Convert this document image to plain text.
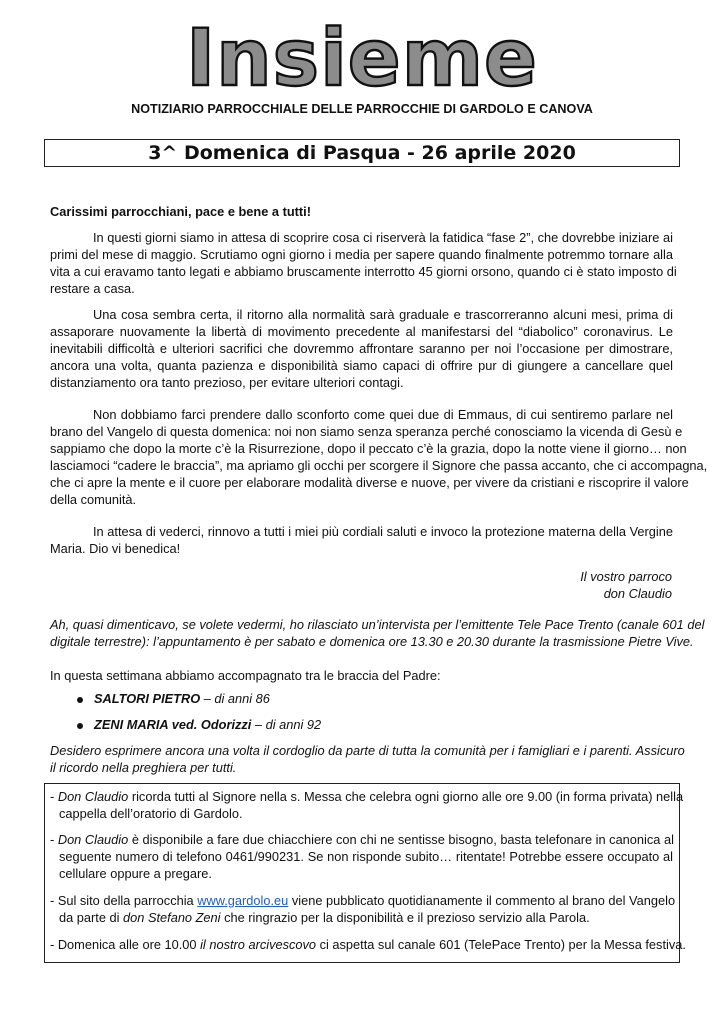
Insieme
NOTIZIARIO PARROCCHIALE DELLE PARROCCHIE DI GARDOLO E CANOVA
3^ Domenica di Pasqua - 26 aprile 2020
Carissimi parrocchiani, pace e bene a tutti!
In questi giorni siamo in attesa di scoprire cosa ci riserverà la fatidica “fase 2”, che dovrebbe iniziare ai
primi del mese di maggio. Scrutiamo ogni giorno i media per sapere quando finalmente potremmo tornare alla
vita a cui eravamo tanto legati e abbiamo bruscamente interrotto 45 giorni orsono, quando ci è stato imposto di
restare a casa.
Una cosa sembra certa, il ritorno alla normalità sarà graduale e trascorreranno alcuni mesi, prima di
assaporare nuovamente la libertà di movimento precedente al manifestarsi del “diabolico” coronavirus. Le
inevitabili difficoltà e ulteriori sacrifici che dovremmo affrontare saranno per noi l’occasione per dimostrare,
ancora una volta, quanta pazienza e disponibilità siamo capaci di offrire pur di giungere a cancellare quel
distanziamento ora tanto prezioso, per evitare ulteriori contagi.
Non dobbiamo farci prendere dallo sconforto come quei due di Emmaus, di cui sentiremo parlare nel
brano del Vangelo di questa domenica: noi non siamo senza speranza perché conosciamo la vicenda di Gesù e
sappiamo che dopo la morte c’è la Risurrezione, dopo il peccato c’è la grazia, dopo la notte viene il giorno… non
lasciamoci “cadere le braccia”, ma apriamo gli occhi per scorgere il Signore che passa accanto, che ci accompagna,
che ci apre la mente e il cuore per elaborare modalità diverse e nuove, per vivere da cristiani e riscoprire il valore
della comunità.
In attesa di vederci, rinnovo a tutti i miei più cordiali saluti e invoco la protezione materna della Vergine
Maria. Dio vi benedica!
Il vostro parroco
don Claudio
Ah, quasi dimenticavo, se volete vedermi, ho rilasciato un’intervista per l’emittente Tele Pace Trento (canale 601 del
digitale terrestre): l’appuntamento è per sabato e domenica ore 13.30 e 20.30 durante la trasmissione Pietre Vive.
In questa settimana abbiamo accompagnato tra le braccia del Padre:
SALTORI PIETRO – di anni 86
ZENI MARIA ved. Odorizzi – di anni 92
Desidero esprimere ancora una volta il cordoglio da parte di tutta la comunità per i famigliari e i parenti. Assicuro
il ricordo nella preghiera per tutti.
- Don Claudio ricorda tutti al Signore nella s. Messa che celebra ogni giorno alle ore 9.00 (in forma privata) nella
cappella dell’oratorio di Gardolo.
- Don Claudio è disponibile a fare due chiacchiere con chi ne sentisse bisogno, basta telefonare in canonica al
seguente numero di telefono 0461/990231. Se non risponde subito… ritentate! Potrebbe essere occupato al
cellulare oppure a pregare.
- Sul sito della parrocchia www.gardolo.eu viene pubblicato quotidianamente il commento al brano del Vangelo
da parte di don Stefano Zeni che ringrazio per la disponibilità e il prezioso servizio alla Parola.
- Domenica alle ore 10.00 il nostro arcivescovo ci aspetta sul canale 601 (TelePace Trento) per la Messa festiva.
